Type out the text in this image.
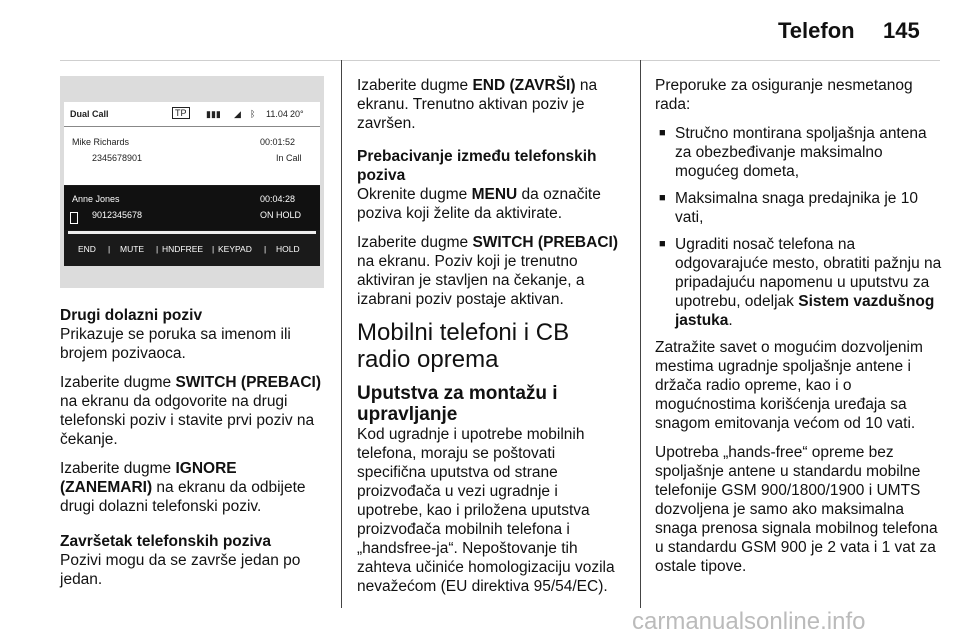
Telefon 145
Dual Call	TP	▮▮▮ ◢ ᛒ 11.04 20°
Mike Richards
2345678901
00:01:52
In Call
Anne Jones
9012345678
00:04:28
ON HOLD
END | MUTE | HNDFREE | KEYPAD | HOLD

Drugi dolazni poziv

Prikazuje se poruka sa imenom ili brojem pozivaoca.

Izaberite dugme SWITCH (PREBACI) na ekranu da odgovorite na drugi telefonski poziv i stavite prvi poziv na čekanje.

Izaberite dugme IGNORE (ZANEMARI) na ekranu da odbijete drugi dolazni telefonski poziv.

Završetak telefonskih poziva

Pozivi mogu da se završe jedan po jedan.

Izaberite dugme END (ZAVRŠI) na ekranu. Trenutno aktivan poziv je završen.

Prebacivanje između telefonskih poziva

Okrenite dugme MENU da označite poziva koji želite da aktivirate.

Izaberite dugme SWITCH (PREBACI) na ekranu. Poziv koji je trenutno aktiviran je stavljen na čekanje, a izabrani poziv postaje aktivan.

Mobilni telefoni i CB radio oprema
Uputstva za montažu i upravljanje

Kod ugradnje i upotrebe mobilnih telefona, moraju se poštovati specifična uputstva od strane proizvođača u vezi ugradnje i upotrebe, kao i priložena uputstva proizvođača mobilnih telefona i „handsfree-ja“. Nepoštovanje tih zahteva učiniće homologizaciju vozila nevažećom (EU direktiva 95/54/EC).

Preporuke za osiguranje nesmetanog rada:

■ Stručno montirana spoljašnja antena za obezbeđivanje maksimalno mogućeg dometa,
■ Maksimalna snaga predajnika je 10 vati,
■ Ugraditi nosač telefona na odgovarajuće mesto, obratiti pažnju na pripadajuću napomenu u uputstvu za upotrebu, odeljak Sistem vazdušnog jastuka.

Zatražite savet o mogućim dozvoljenim mestima ugradnje spoljašnje antene i držača radio opreme, kao i o mogućnostima korišćenja uređaja sa snagom emitovanja većom od 10 vati.

Upotreba „hands-free“ opreme bez spoljašnje antene u standardu mobilne telefonije GSM 900/1800/1900 i UMTS dozvoljena je samo ako maksimalna snaga prenosa signala mobilnog telefona u standardu GSM 900 je 2 vata i 1 vat za ostale tipove.

carmanualsonline.info
